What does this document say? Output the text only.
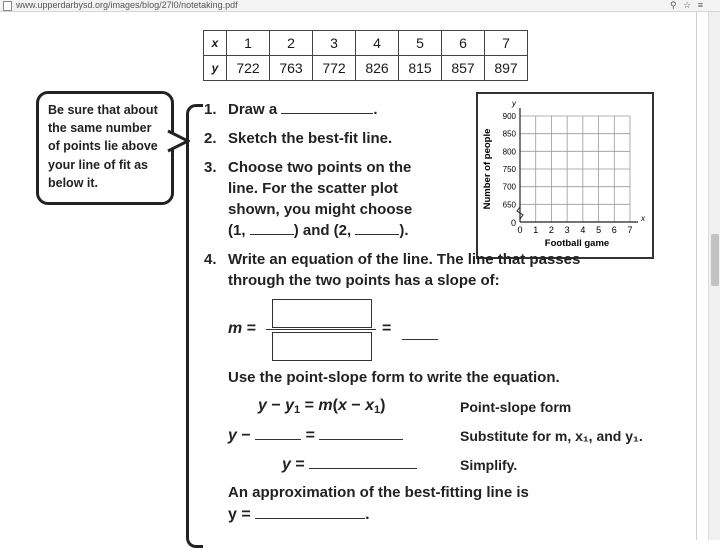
www.upperdarbysd.org/images/blog/27l0/notetaking.pdf	⚲ ☆ ≡
x	1	2	3	4	5	6	7
y	722	763	772	826	815	857	897
Be sure that about
the same number
of points lie above
your line of fit as
below it.
1. Draw a	.
2. Sketch the best-fit line.
3. Choose two points on the
line. For the scatter plot
shown, you might choose
(1,	) and (2,	).	0 1 2 3 4 5 6 7
650
700
750
800
850
900
0
y
x
Football game
Number of people
4. Write an equation of the line. The line that passes
through the two points has a slope of:
m =	=
Use the point-slope form to write the equation.
$y - y_1 = m(x - x_1)$	Point-slope form
y −	=	Substitute for m, x₁, and y₁.
y =	Simplify.
An approximation of the best-fitting line is
y =	.
